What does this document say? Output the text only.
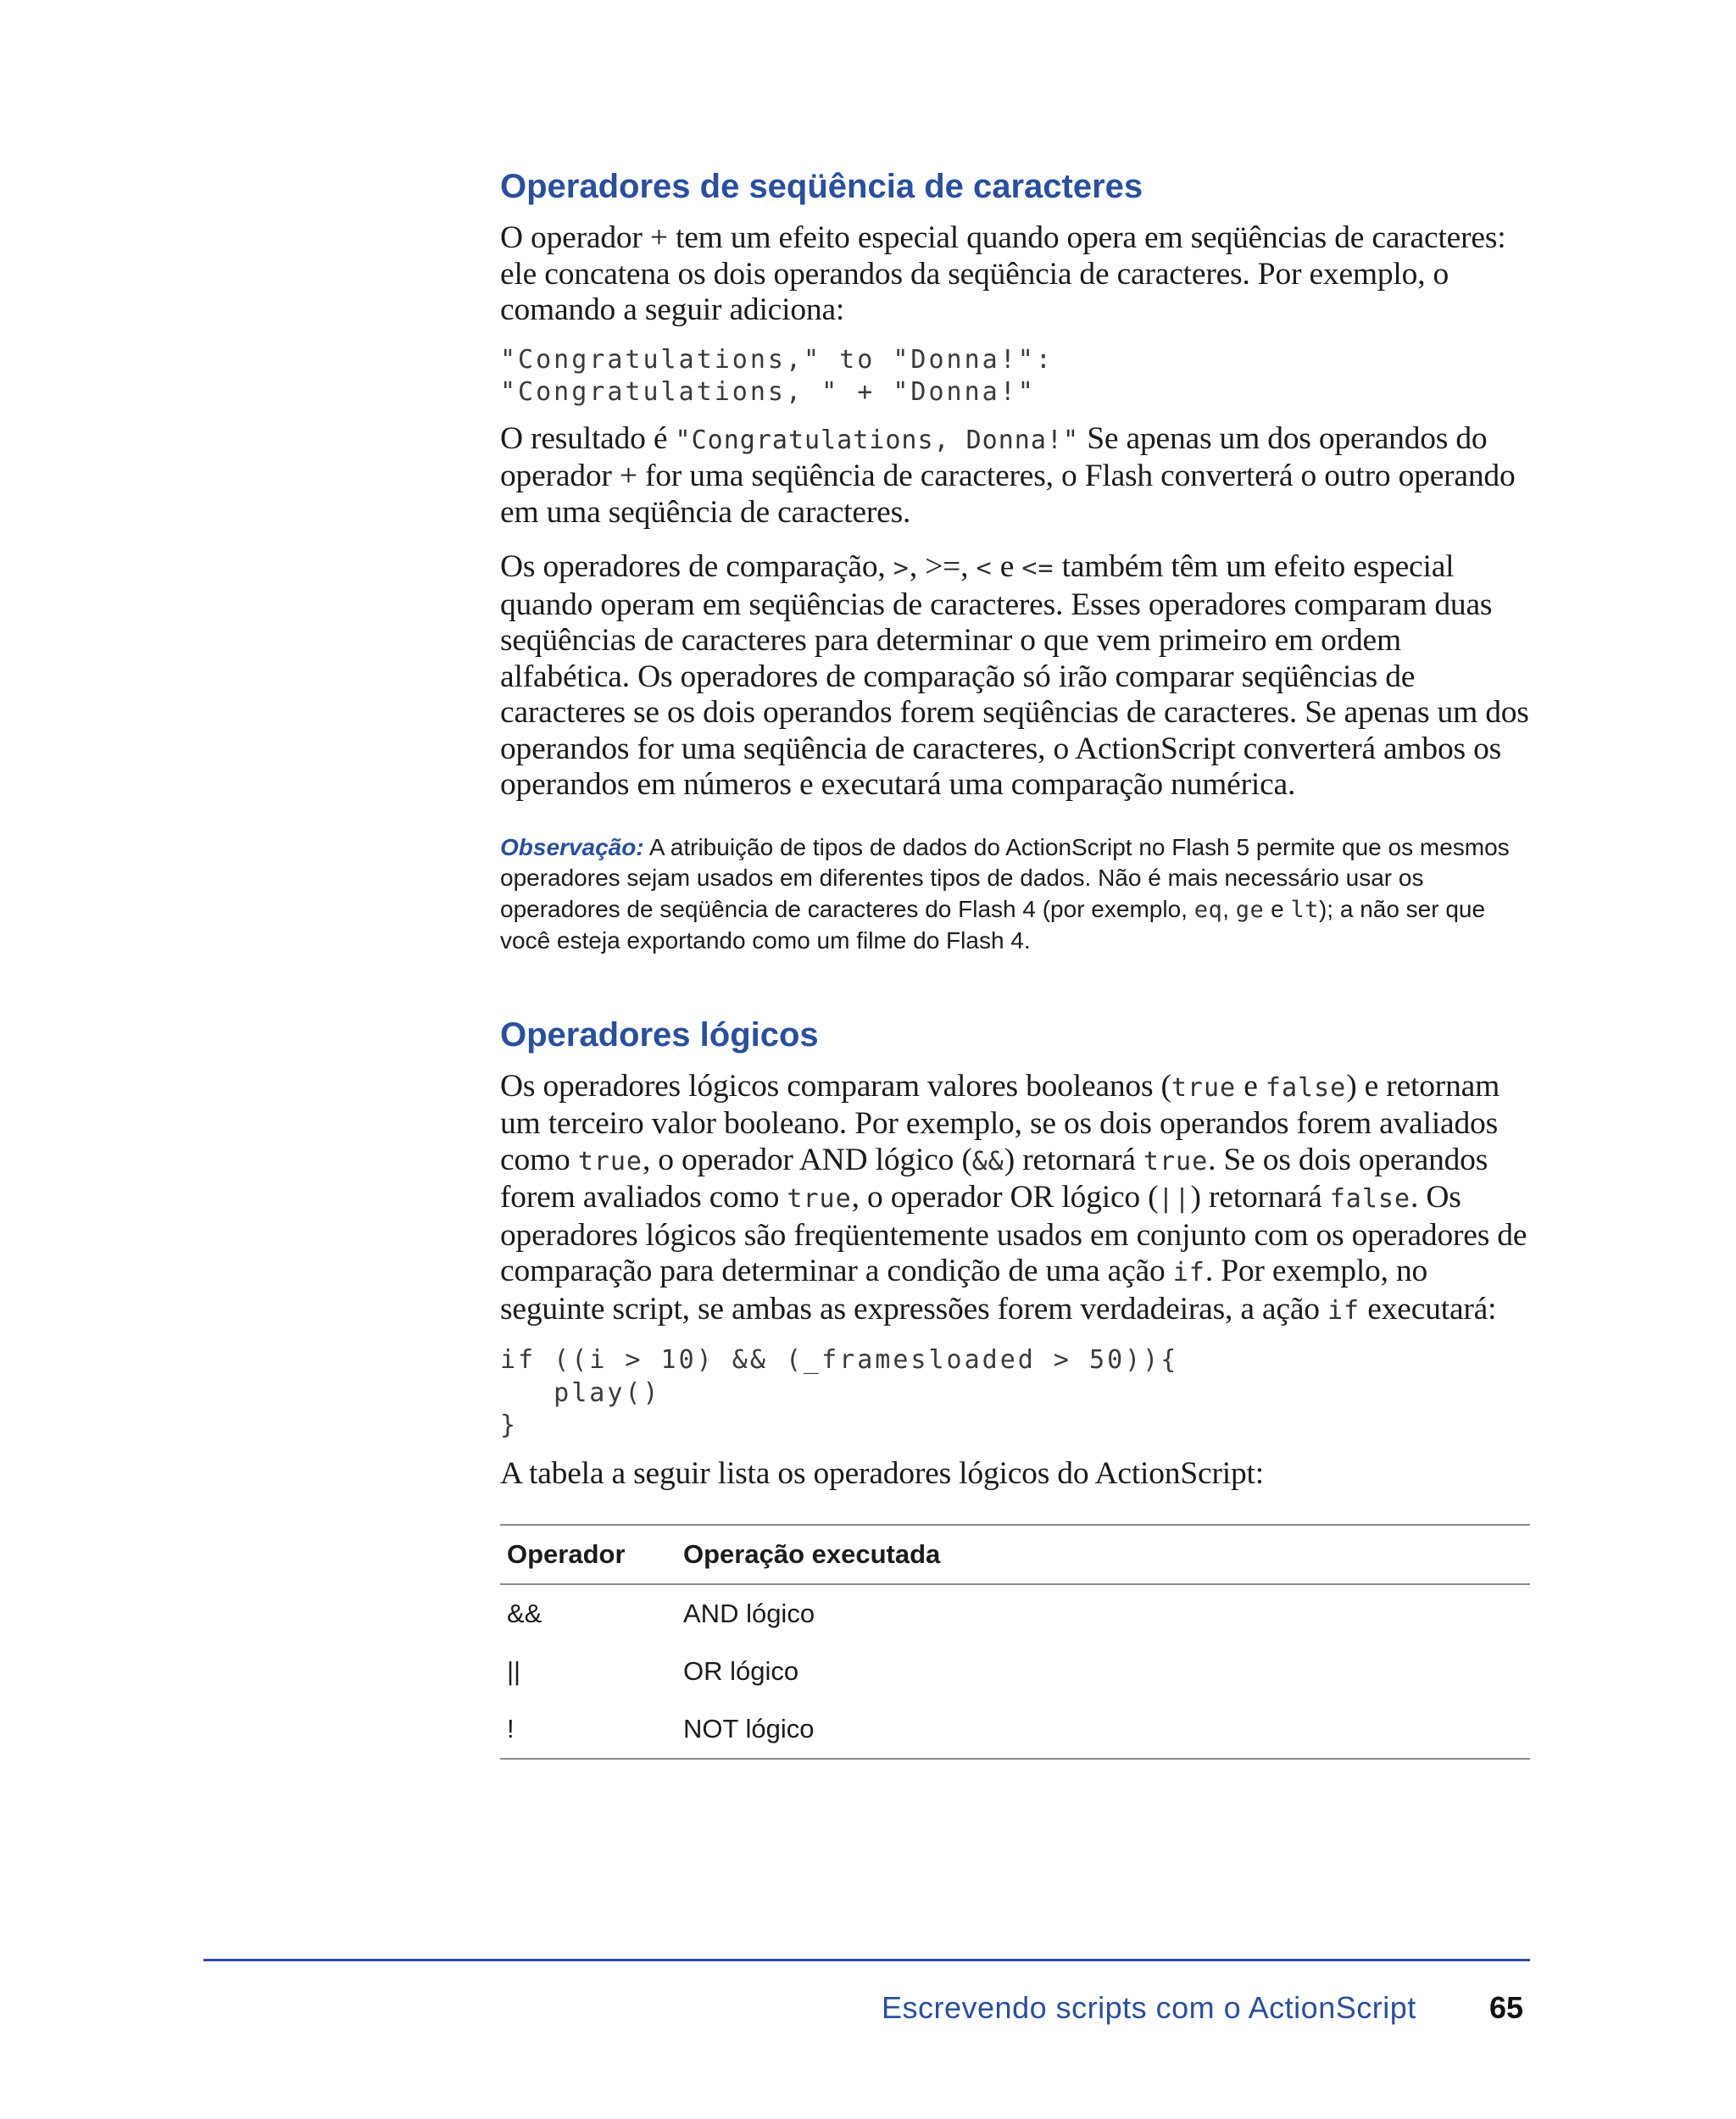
Operadores de seqüência de caracteres

O operador + tem um efeito especial quando opera em seqüências de caracteres: ele concatena os dois operandos da seqüência de caracteres. Por exemplo, o comando a seguir adiciona:

"Congratulations," to "Donna!":
"Congratulations, " + "Donna!"

O resultado é "Congratulations, Donna!" Se apenas um dos operandos do operador + for uma seqüência de caracteres, o Flash converterá o outro operando em uma seqüência de caracteres.

Os operadores de comparação, >, >=, < e <= também têm um efeito especial quando operam em seqüências de caracteres. Esses operadores comparam duas seqüências de caracteres para determinar o que vem primeiro em ordem alfabética. Os operadores de comparação só irão comparar seqüências de caracteres se os dois operandos forem seqüências de caracteres. Se apenas um dos operandos for uma seqüência de caracteres, o ActionScript converterá ambos os operandos em números e executará uma comparação numérica.

Observação: A atribuição de tipos de dados do ActionScript no Flash 5 permite que os mesmos operadores sejam usados em diferentes tipos de dados. Não é mais necessário usar os operadores de seqüência de caracteres do Flash 4 (por exemplo, eq, ge e lt); a não ser que você esteja exportando como um filme do Flash 4.

Operadores lógicos

Os operadores lógicos comparam valores booleanos (true e false) e retornam um terceiro valor booleano. Por exemplo, se os dois operandos forem avaliados como true, o operador AND lógico (&&) retornará true. Se os dois operandos forem avaliados como true, o operador OR lógico (||) retornará false. Os operadores lógicos são freqüentemente usados em conjunto com os operadores de comparação para determinar a condição de uma ação if. Por exemplo, no seguinte script, se ambas as expressões forem verdadeiras, a ação if executará:

if ((i > 10) && (_framesloaded > 50)){
play()
}

A tabela a seguir lista os operadores lógicos do ActionScript:

Operador	Operação executada
&&	AND lógico
||	OR lógico
!	NOT lógico
Escrevendo scripts com o ActionScript 65
